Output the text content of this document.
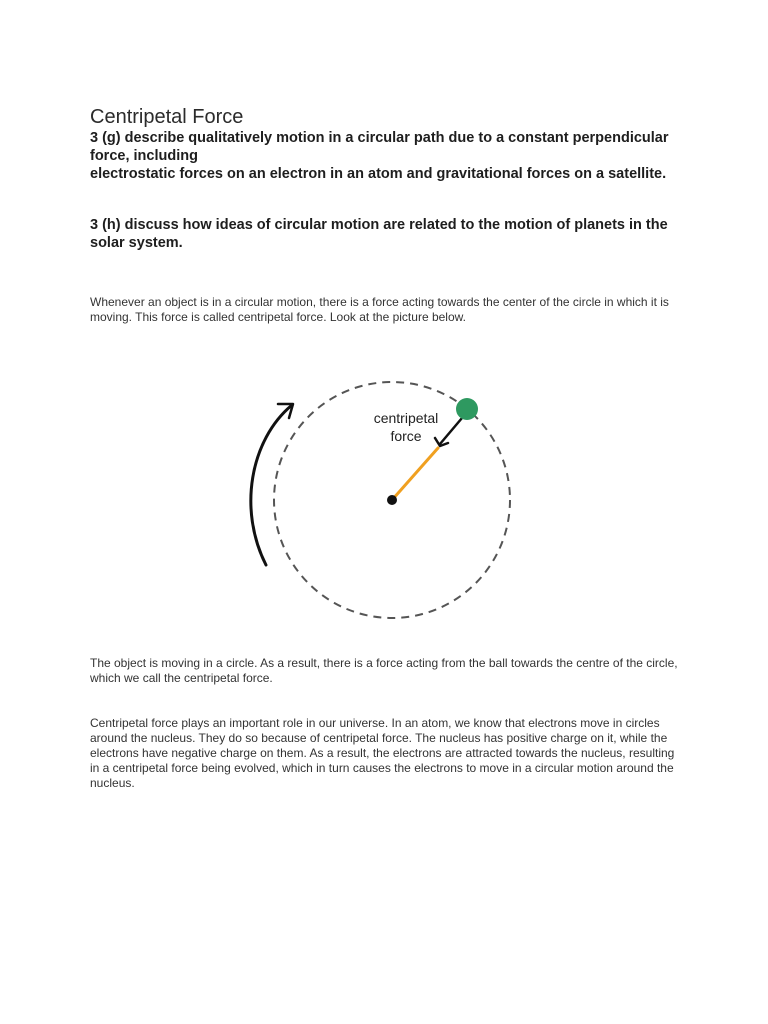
Centripetal Force

3 (g) describe qualitatively motion in a circular path due to a constant perpendicular force, including

electrostatic forces on an electron in an atom and gravitational forces on a satellite.

3 (h) discuss how ideas of circular motion are related to the motion of planets in the solar system.

Whenever an object is in a circular motion, there is a force acting towards the center of the circle in which it is moving. This force is called centripetal force. Look at the picture below.

centripetal
force

The object is moving in a circle. As a result, there is a force acting from the ball towards the centre of the circle, which we call the centripetal force.

Centripetal force plays an important role in our universe. In an atom, we know that electrons move in circles around the nucleus. They do so because of centripetal force. The nucleus has positive charge on it, while the electrons have negative charge on them. As a result, the electrons are attracted towards the nucleus, resulting in a centripetal force being evolved, which in turn causes the electrons to move in a circular motion around the nucleus.
